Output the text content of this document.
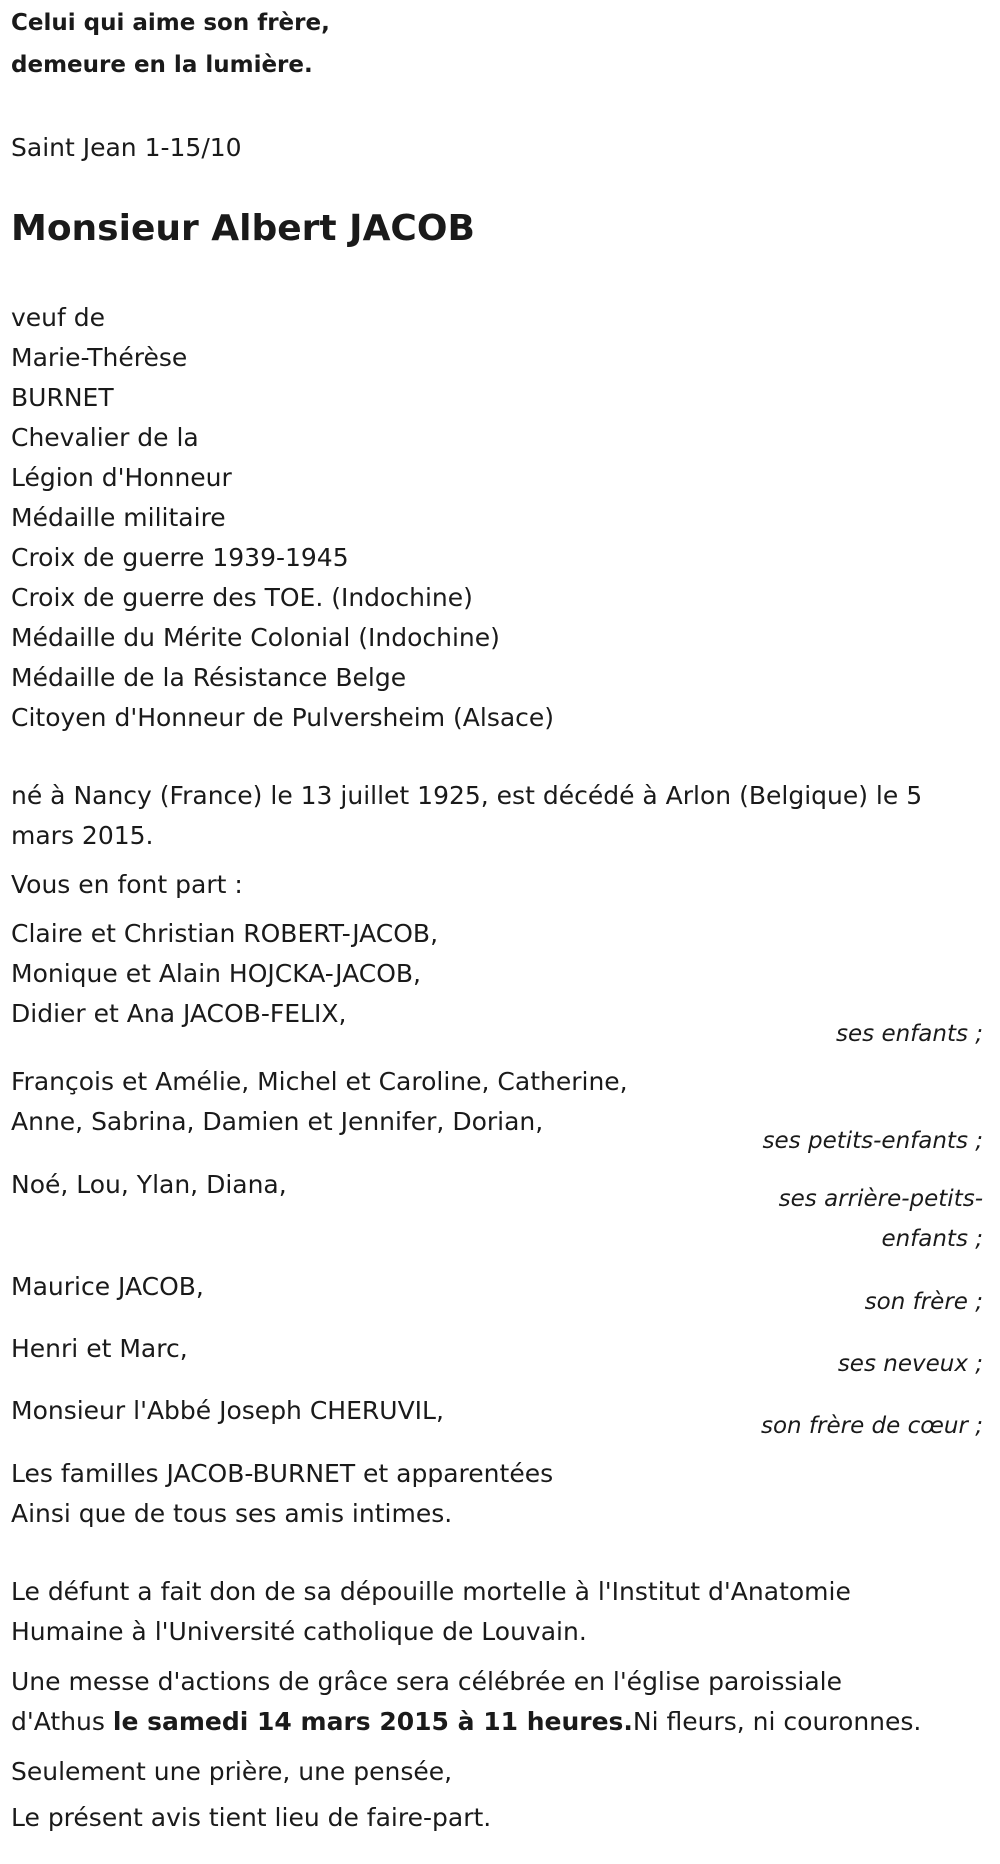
Celui qui aime son frère,
demeure en la lumière.
Saint Jean 1-15/10
Monsieur Albert JACOB
veuf de
Marie-Thérèse
BURNET
Chevalier de la
Légion d'Honneur
Médaille militaire
Croix de guerre 1939-1945
Croix de guerre des TOE. (Indochine)
Médaille du Mérite Colonial (Indochine)
Médaille de la Résistance Belge
Citoyen d'Honneur de Pulversheim (Alsace)
né à Nancy (France) le 13 juillet 1925, est décédé à Arlon (Belgique) le 5
mars 2015.
Vous en font part :
Claire et Christian ROBERT-JACOB,
Monique et Alain HOJCKA-JACOB,
Didier et Ana JACOB-FELIX,
ses enfants ;
François et Amélie, Michel et Caroline, Catherine,
Anne, Sabrina, Damien et Jennifer, Dorian,
ses petits-enfants ;
Noé, Lou, Ylan, Diana,	ses arrière-petits-
enfants ;
Maurice JACOB,
son frère ;
Henri et Marc,
ses neveux ;
Monsieur l'Abbé Joseph CHERUVIL,
son frère de cœur ;
Les familles JACOB-BURNET et apparentées
Ainsi que de tous ses amis intimes.
Le défunt a fait don de sa dépouille mortelle à l'Institut d'Anatomie
Humaine à l'Université catholique de Louvain.
Une messe d'actions de grâce sera célébrée en l'église paroissiale
d'Athus le samedi 14 mars 2015 à 11 heures.Ni fleurs, ni couronnes.
Seulement une prière, une pensée,
Le présent avis tient lieu de faire-part.
